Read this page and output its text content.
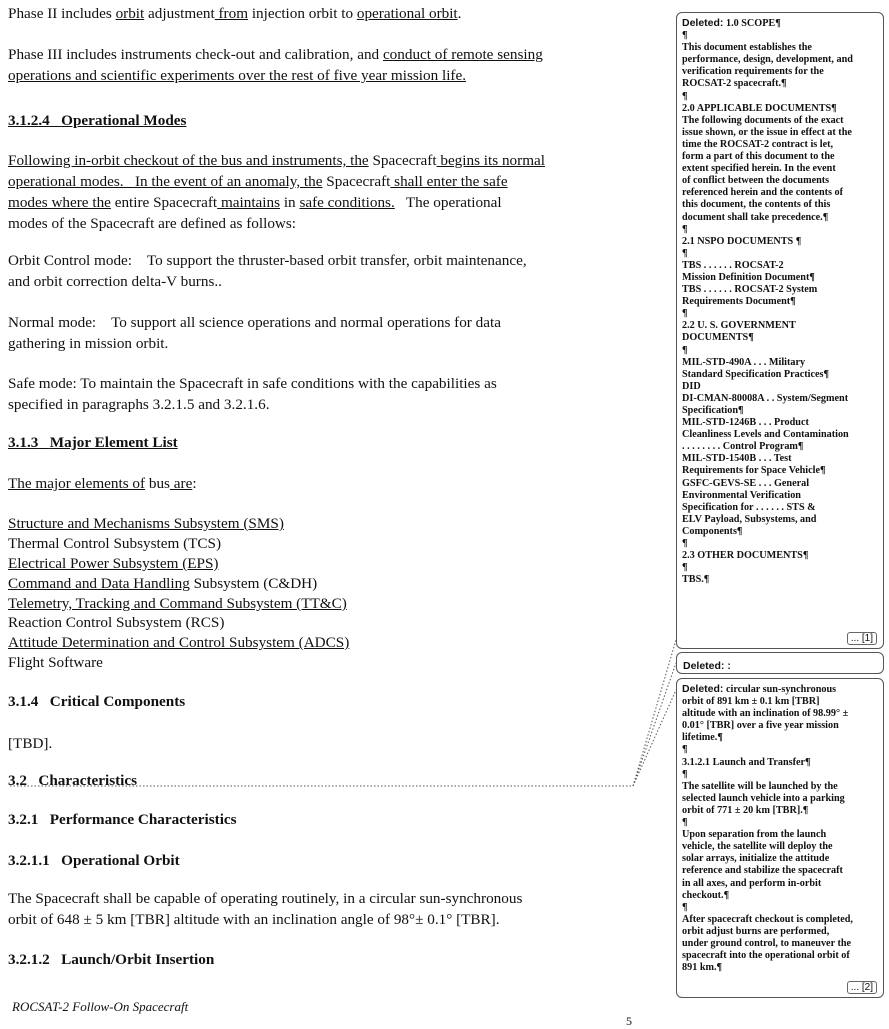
Phase II includes orbit adjustment from injection orbit to operational orbit.
Phase III includes instruments check-out and calibration, and conduct of remote sensing
operations and scientific experiments over the rest of five year mission life.
3.1.2.4 Operational Modes
Following in-orbit checkout of the bus and instruments, the Spacecraft begins its normal
operational modes.   In the event of an anomaly, the Spacecraft shall enter the safe
modes where the entire Spacecraft maintains in safe conditions.   The operational
modes of the Spacecraft are defined as follows:
Orbit Control mode:    To support the thruster-based orbit transfer, orbit maintenance,
and orbit correction delta-V burns..
Normal mode:    To support all science operations and normal operations for data
gathering in mission orbit.
Safe mode: To maintain the Spacecraft in safe conditions with the capabilities as
specified in paragraphs 3.2.1.5 and 3.2.1.6.
3.1.3 Major Element List
The major elements of bus are:
Structure and Mechanisms Subsystem (SMS)
Thermal Control Subsystem (TCS)
Electrical Power Subsystem (EPS)
Command and Data Handling Subsystem (C&DH)
Telemetry, Tracking and Command Subsystem (TT&C)
Reaction Control Subsystem (RCS)
Attitude Determination and Control Subsystem (ADCS)
Flight Software
3.1.4 Critical Components
[TBD].
3.2 Characteristics
3.2.1 Performance Characteristics
3.2.1.1 Operational Orbit
The Spacecraft shall be capable of operating routinely, in a circular sun-synchronous
orbit of 648 ± 5 km [TBR] altitude with an inclination angle of 98°± 0.1° [TBR].
3.2.1.2 Launch/Orbit Insertion
ROCSAT-2 Follow-On Spacecraft
5
Deleted: 1.0 SCOPE¶
¶
This document establishes the
performance, design, development, and
verification requirements for the
ROCSAT-2 spacecraft.¶
¶
2.0 APPLICABLE DOCUMENTS¶
The following documents of the exact
issue shown, or the issue in effect at the
time the ROCSAT-2 contract is let,
form a part of this document to the
extent specified herein. In the event
of conflict between the documents
referenced herein and the contents of
this document, the contents of this
document shall take precedence.¶
¶
2.1 NSPO DOCUMENTS ¶
¶
TBS . . . . . . ROCSAT-2
Mission Definition Document¶
TBS . . . . . . ROCSAT-2 System
Requirements Document¶
¶
2.2 U. S. GOVERNMENT
DOCUMENTS¶
¶
MIL-STD-490A . . . Military
Standard Specification Practices¶
DID
DI-CMAN-80008A . . System/Segment
Specification¶
MIL-STD-1246B . . . Product
Cleanliness Levels and Contamination
. . . . . . . . Control Program¶
MIL-STD-1540B . . . Test
Requirements for Space Vehicle¶
GSFC-GEVS-SE . . . General
Environmental Verification
Specification for . . . . . . STS &
ELV Payload, Subsystems, and
Components¶
¶
2.3 OTHER DOCUMENTS¶
¶
TBS.¶
... [1]
Deleted: :
Deleted: circular sun-synchronous
orbit of 891 km ± 0.1 km [TBR]
altitude with an inclination of 98.99° ±
0.01° [TBR] over a five year mission
lifetime.¶
¶
3.1.2.1 Launch and Transfer¶
¶
The satellite will be launched by the
selected launch vehicle into a parking
orbit of 771 ± 20 km [TBR].¶
¶
Upon separation from the launch
vehicle, the satellite will deploy the
solar arrays, initialize the attitude
reference and stabilize the spacecraft
in all axes, and perform in-orbit
checkout.¶
¶
After spacecraft checkout is completed,
orbit adjust burns are performed,
under ground control, to maneuver the
spacecraft into the operational orbit of
891 km.¶
... [2]
